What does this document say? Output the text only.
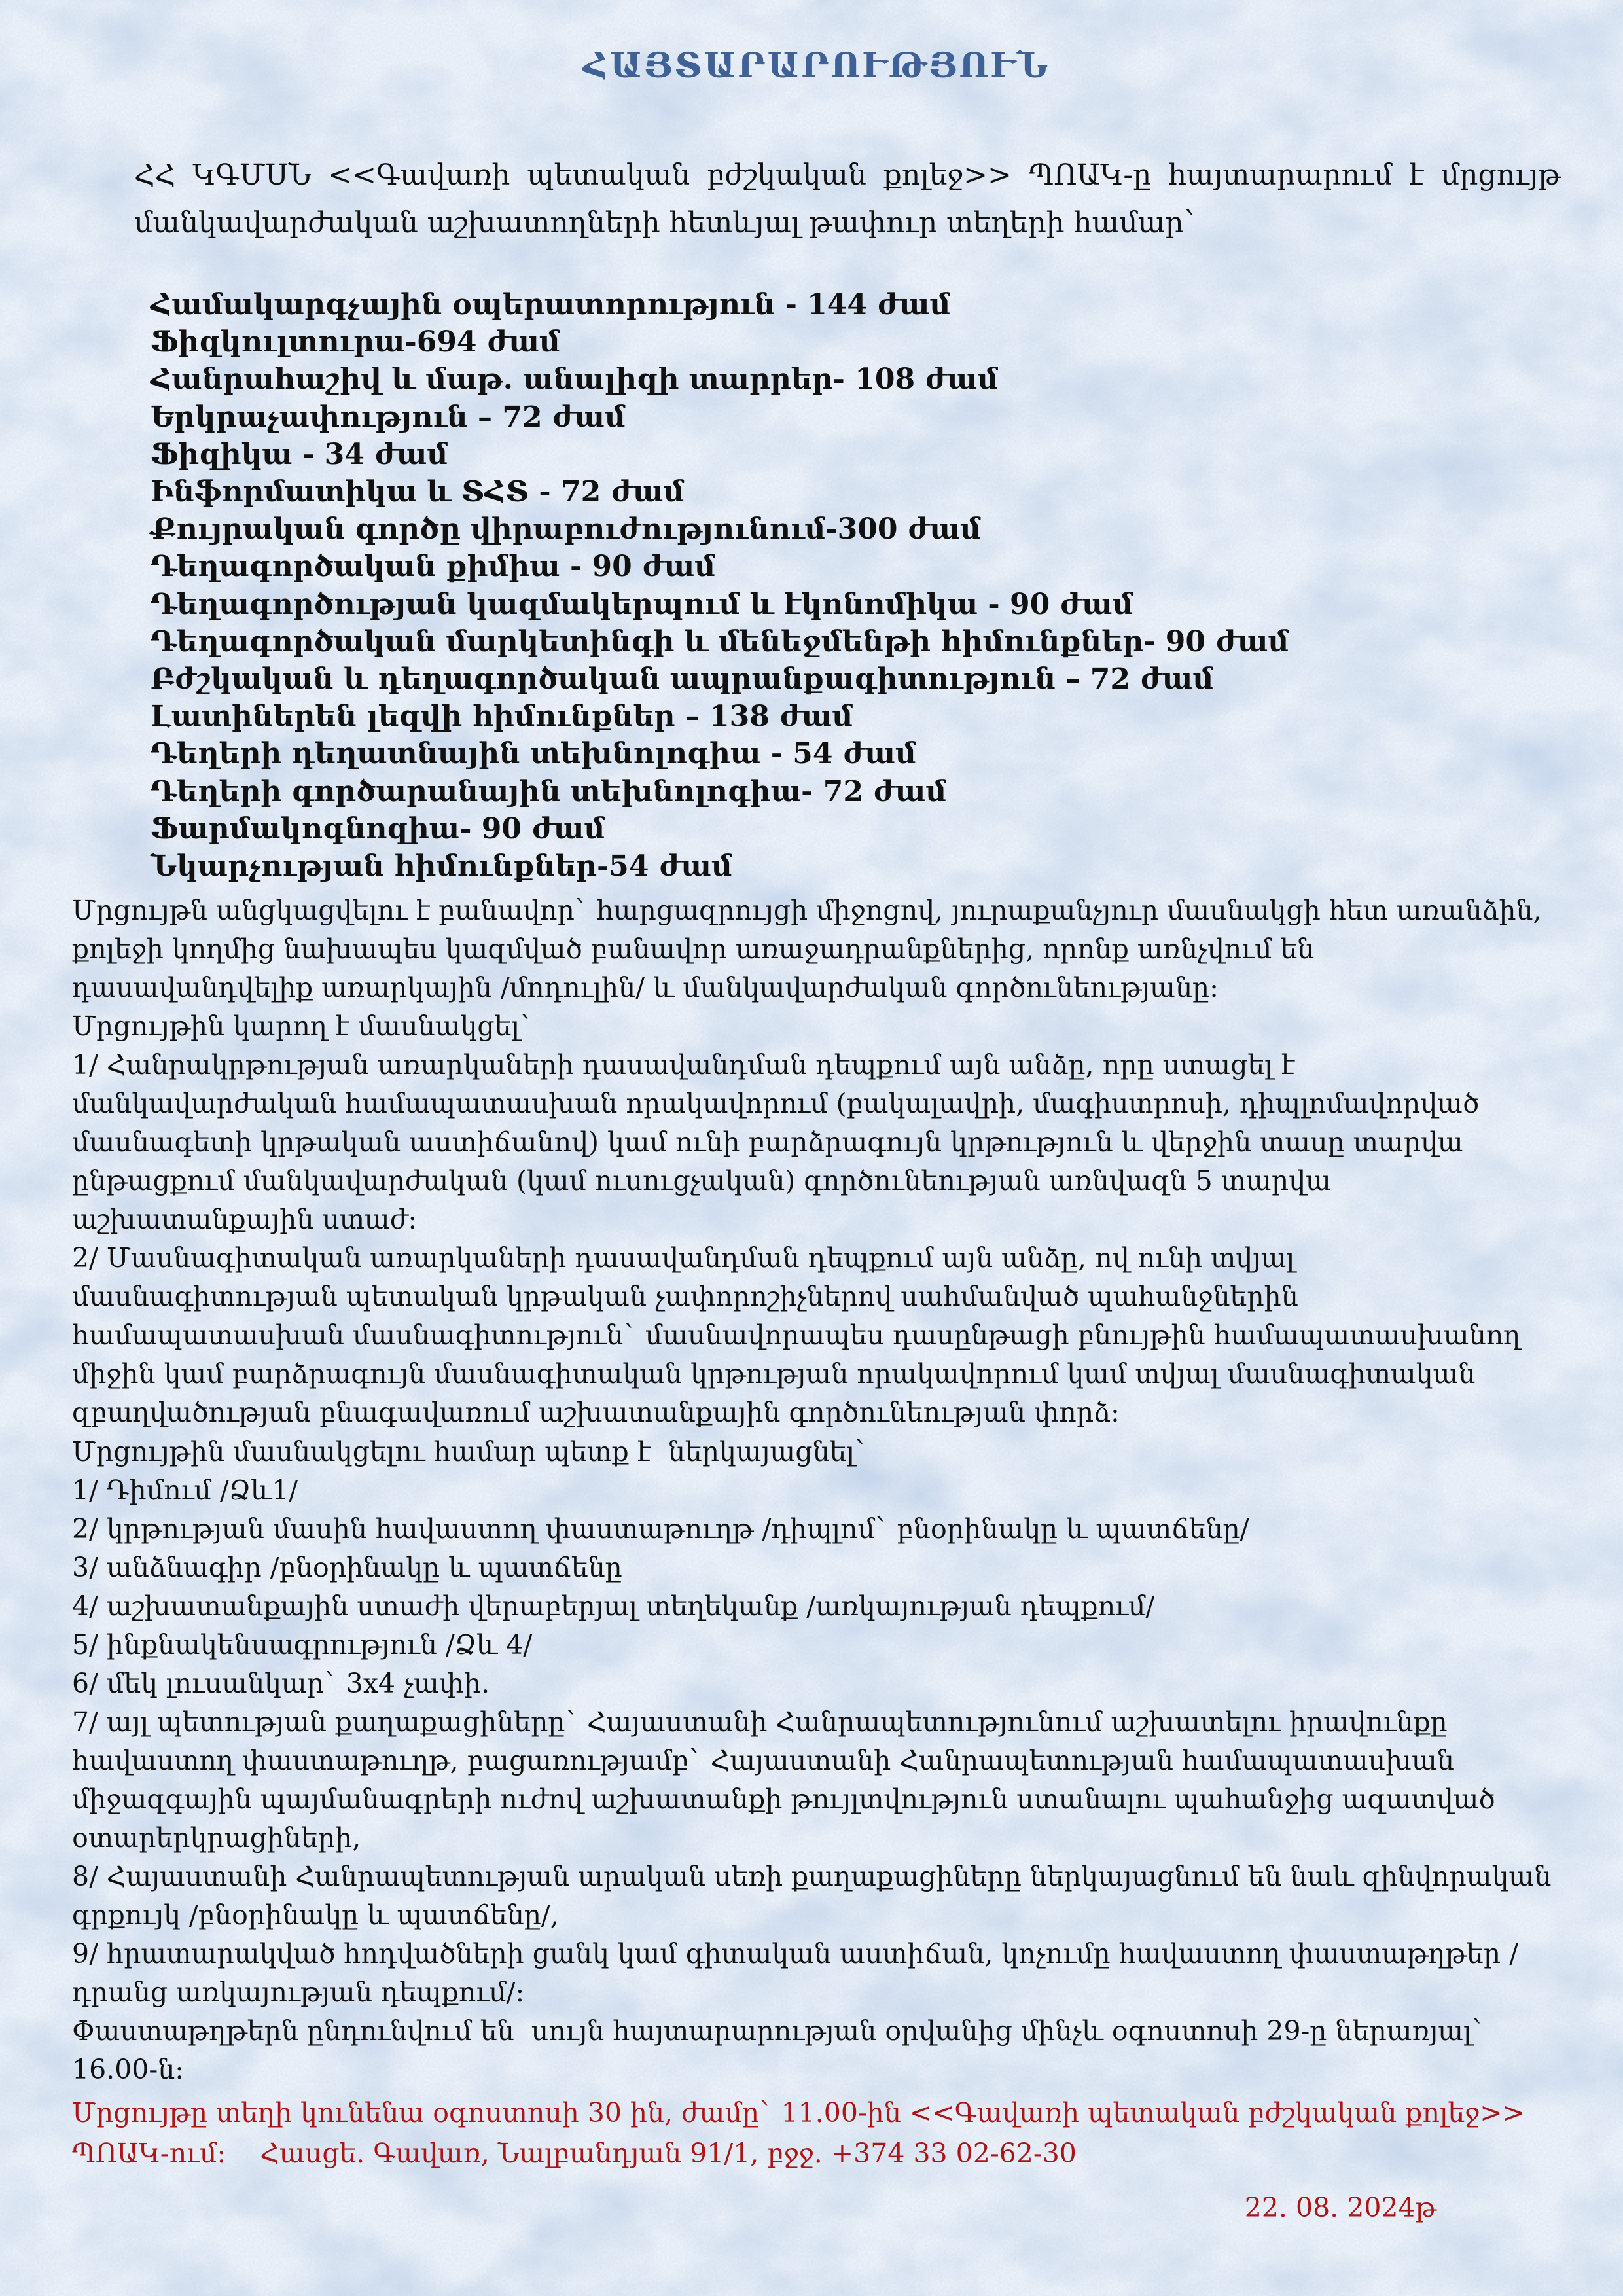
ՀԱՅՏԱՐԱՐՈՒԹՅՈՒՆ

ՀՀ ԿԳՄՍՆ <<Գավառի պետական բժշկական քոլեջ>> ՊՈԱԿ-ը հայտարարում է մրցույթ մանկավարժական աշխատողների հետևյալ թափուր տեղերի համար`

Համակարգչային օպերատորություն - 144 ժամ
Ֆիզկուլտուրա-694 ժամ
Հանրահաշիվ և մաթ. անալիզի տարրեր- 108 ժամ
Երկրաչափություն – 72 ժամ
Ֆիզիկա - 34 ժամ
Ինֆորմատիկա և ՏՀՏ - 72 ժամ
Քույրական գործը վիրաբուժությունում-300 ժամ
Դեղագործական քիմիա - 90 ժամ
Դեղագործության կազմակերպում և էկոնոմիկա - 90 ժամ
Դեղագործական մարկետինգի և մենեջմենթի հիմունքներ- 90 ժամ
Բժշկական և դեղագործական ապրանքագիտություն – 72 ժամ
Լատիներեն լեզվի հիմունքներ – 138 ժամ
Դեղերի դեղատնային տեխնոլոգիա - 54 ժամ
Դեղերի գործարանային տեխնոլոգիա- 72 ժամ
Ֆարմակոգնոզիա- 90 ժամ
Նկարչության հիմունքներ-54 ժամ

Մրցույթն անցկացվելու է բանավոր` հարցազրույցի միջոցով, յուրաքանչյուր մասնակցի հետ առանձին, քոլեջի կողմից նախապես կազմված բանավոր առաջադրանքներից, որոնք առնչվում են դասավանդվելիք առարկային /մոդուլին/ և մանկավարժական գործունեությանը:

Մրցույթին կարող է մասնակցել`

1/ Հանրակրթության առարկաների դասավանդման դեպքում այն անձը, որը ստացել է մանկավարժական համապատասխան որակավորում (բակալավրի, մագիստրոսի, դիպլոմավորված մասնագետի կրթական աստիճանով) կամ ունի բարձրագույն կրթություն և վերջին տասը տարվա ընթացքում մանկավարժական (կամ ուսուցչական) գործունեության առնվազն 5 տարվա աշխատանքային ստաժ:

2/ Մասնագիտական առարկաների դասավանդման դեպքում այն անձը, ով ունի տվյալ մասնագիտության պետական կրթական չափորոշիչներով սահմանված պահանջներին համապատասխան մասնագիտություն` մասնավորապես դասընթացի բնույթին համապատասխանող միջին կամ բարձրագույն մասնագիտական կրթության որակավորում կամ տվյալ մասնագիտական զբաղվածության բնագավառում աշխատանքային գործունեության փորձ:

Մրցույթին մասնակցելու համար պետք է  ներկայացնել`

1/ Դիմում /Ձև1/

2/ կրթության մասին հավաստող փաստաթուղթ /դիպլոմ` բնօրինակը և պատճենը/

3/ անձնագիր /բնօրինակը և պատճենը

4/ աշխատանքային ստաժի վերաբերյալ տեղեկանք /առկայության դեպքում/

5/ ինքնակենսագրություն /Ձև 4/

6/ մեկ լուսանկար` 3x4 չափի.

7/ այլ պետության քաղաքացիները` Հայաստանի Հանրապետությունում աշխատելու իրավունքը հավաստող փաստաթուղթ, բացառությամբ` Հայաստանի Հանրապետության համապատասխան միջազգային պայմանագրերի ուժով աշխատանքի թույլտվություն ստանալու պահանջից ազատված օտարերկրացիների,

8/ Հայաստանի Հանրապետության արական սեռի քաղաքացիները ներկայացնում են նաև զինվորական գրքույկ /բնօրինակը և պատճենը/,

9/ հրատարակված հոդվածների ցանկ կամ գիտական աստիճան, կոչումը հավաստող փաստաթղթեր /դրանց առկայության դեպքում/:

Փաստաթղթերն ընդունվում են  սույն հայտարարության օրվանից մինչև օգոստոսի 29-ը ներառյալ` 16.00-ն:

Մրցույթը տեղի կունենա օգոստոսի 30 ին, ժամը` 11.00-ին <<Գավառի պետական բժշկական քոլեջ>>

ՊՈԱԿ-ում:    Հասցե. Գավառ, Նալբանդյան 91/1, բջջ. +374 33 02-62-30

22. 08. 2024թ
